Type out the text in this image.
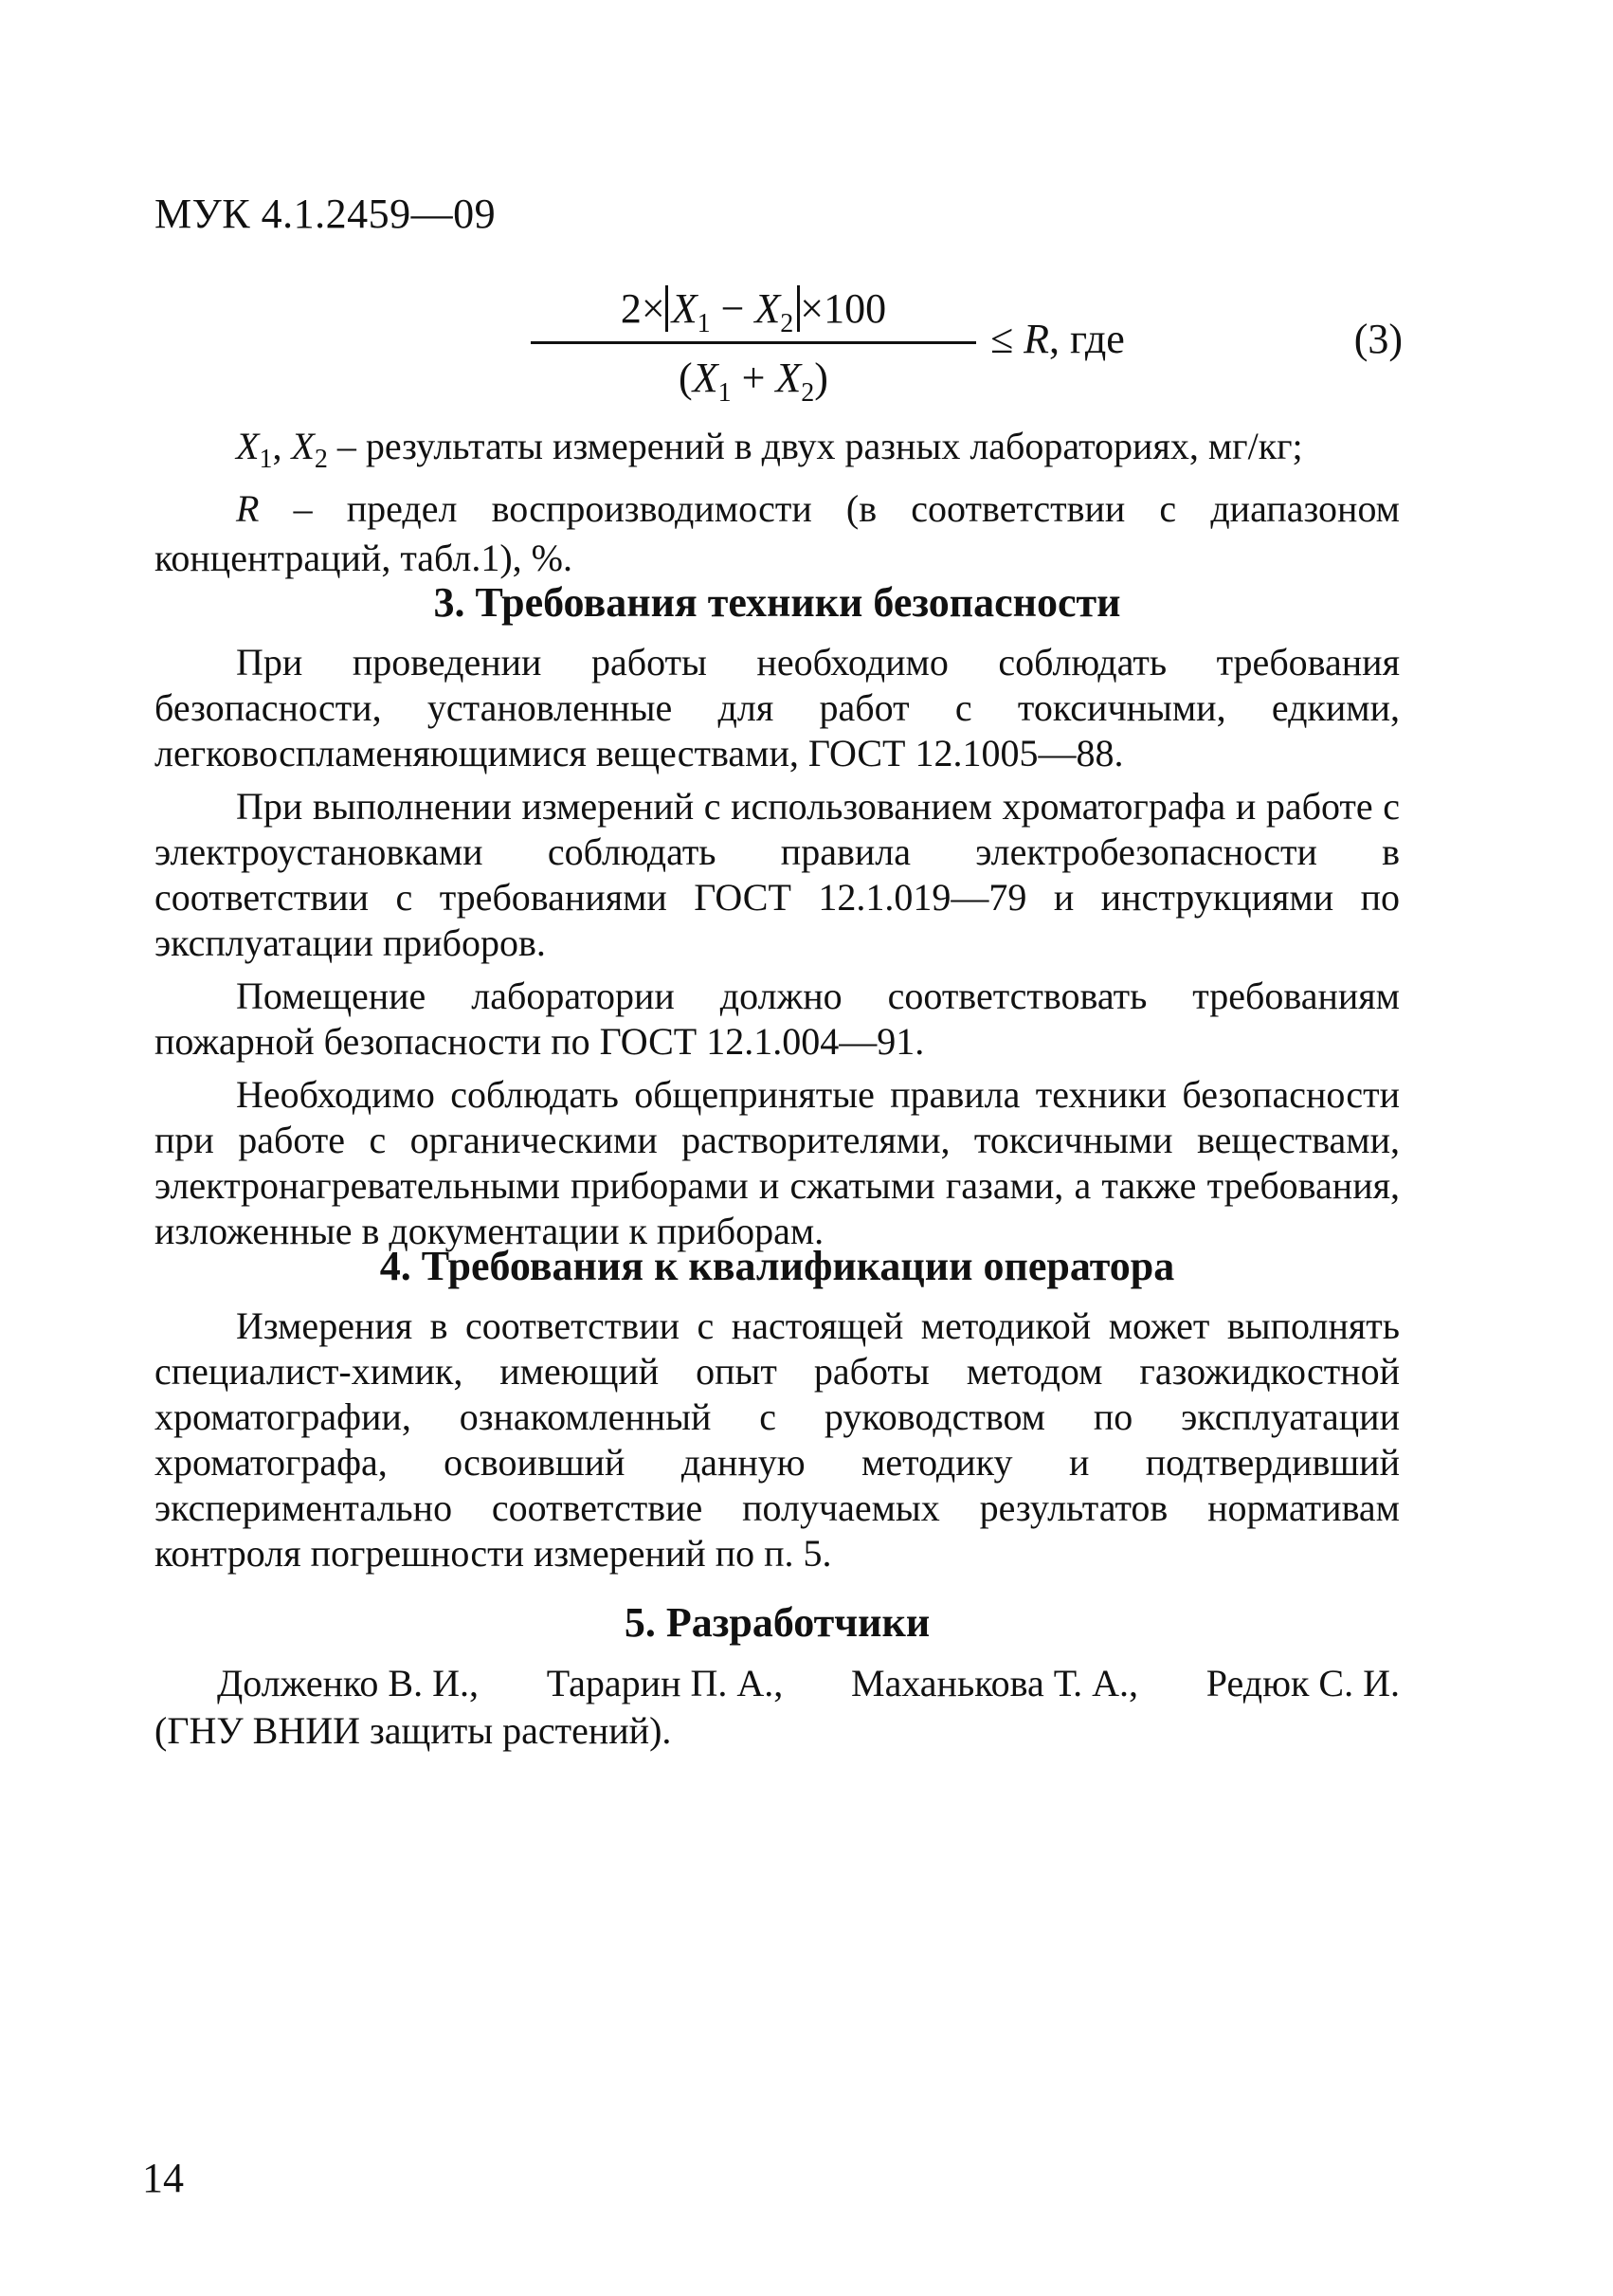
МУК 4.1.2459—09
$2\times X_1 - X_2 \times 100$
$(X_1 + X_2)$
≤ R, где	(3)

$X_1$, $X_2$ – результаты измерений в двух разных лабораториях, мг/кг;

R – предел воспроизводимости (в соответствии с диапазоном концентраций, табл.1), %.

3. Требования техники безопасности

При проведении работы необходимо соблюдать требования безопасности, установленные для работ с токсичными, едкими, легковоспламеняющимися веществами, ГОСТ 12.1005—88.

При выполнении измерений с использованием хроматографа и работе с электроустановками соблюдать правила электробезопасности в соответствии с требованиями ГОСТ 12.1.019—79 и инструкциями по эксплуатации приборов.

Помещение лаборатории должно соответствовать требованиям пожарной безопасности по ГОСТ 12.1.004—91.

Необходимо соблюдать общепринятые правила техники безопасности при работе с органическими растворителями, токсичными веществами, электронагревательными приборами и сжатыми газами, а также требования, изложенные в документации к приборам.

4. Требования к квалификации оператора

Измерения в соответствии с настоящей методикой может выполнять специалист-химик, имеющий опыт работы методом газожидкостной хроматографии, ознакомленный с руководством по эксплуатации хроматографа, освоивший данную методику и подтвердивший экспериментально соответствие получаемых результатов нормативам контроля погрешности измерений по п. 5.

5. Разработчики
Долженко В. И., Тарарин П. А., Маханькова Т. А., Редюк С. И.
(ГНУ ВНИИ защиты растений).
14
